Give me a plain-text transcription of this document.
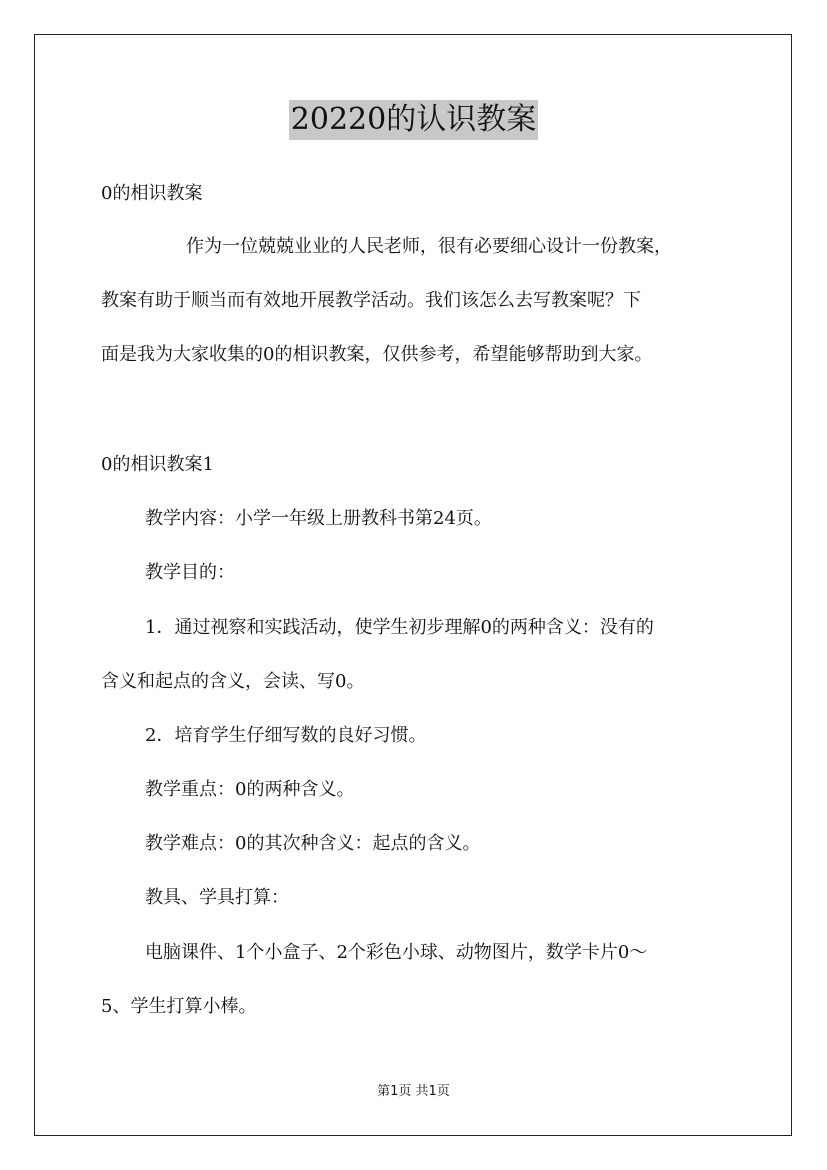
20220的认识教案

0的相识教案

作为一位兢兢业业的人民老师，很有必要细心设计一份教案，

教案有助于顺当而有效地开展教学活动。我们该怎么去写教案呢？下

面是我为大家收集的0的相识教案，仅供参考，希望能够帮助到大家。

0的相识教案1

教学内容：小学一年级上册教科书第24页。

教学目的：

1．通过视察和实践活动，使学生初步理解0的两种含义：没有的

含义和起点的含义，会读、写0。

2．培育学生仔细写数的良好习惯。

教学重点：0的两种含义。

教学难点：0的其次种含义：起点的含义。

教具、学具打算：

电脑课件、1个小盒子、2个彩色小球、动物图片，数学卡片0～

5、学生打算小棒。

第1页 共1页
